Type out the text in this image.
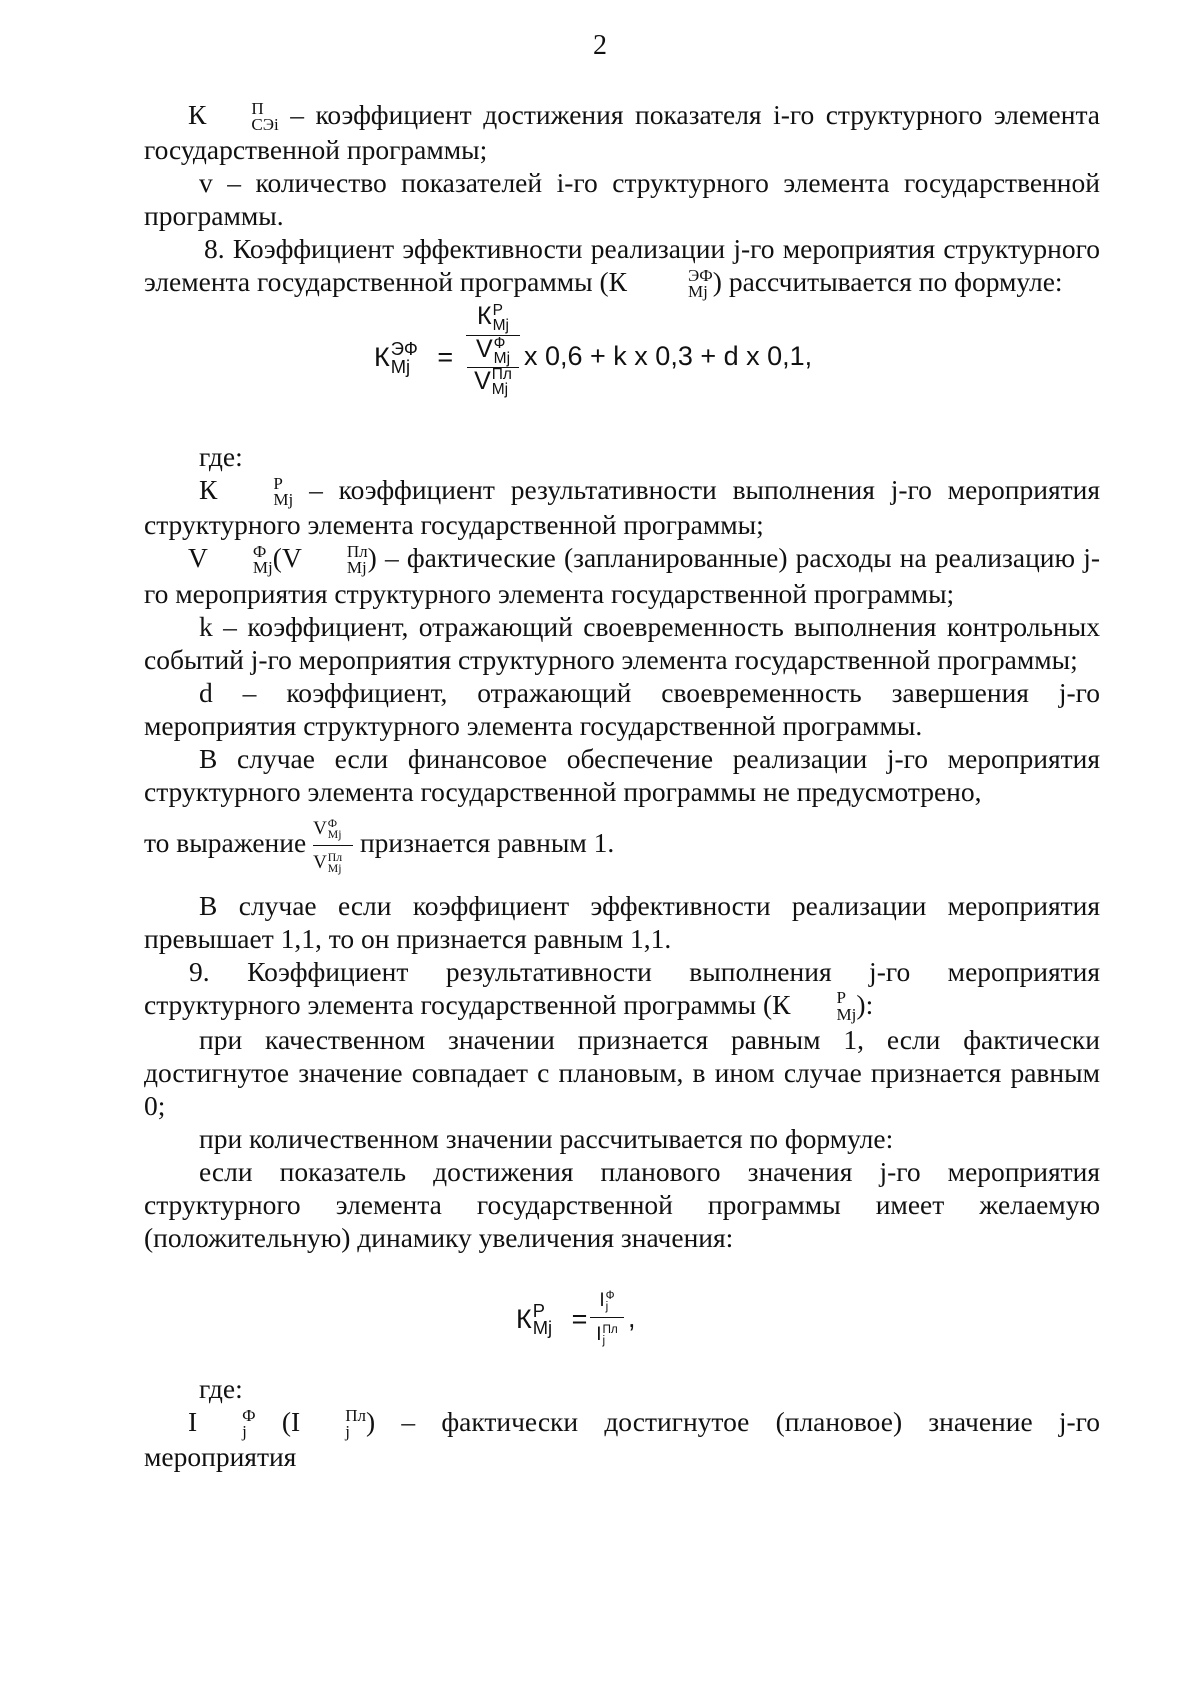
2

К	П
СЭi – коэффициент достижения показателя i-го структурного элемента государственной программы;

v – количество показателей i-го структурного элемента государственной программы.

8. Коэффициент эффективности реализации j-го мероприятия структурного элемента государственной программы (К	ЭФ
Mj ) рассчитывается по формуле:

К ЭФ
Mj =
К Р
Mj
V Ф
Mj
V Пл
Mj x 0,6 + k x 0,3 + d x 0,1,

где:

К	Р
Mj – коэффициент результативности выполнения j-го мероприятия структурного элемента государственной программы;

V	Ф
Mj (V	Пл
Mj ) – фактические (запланированные) расходы на реализацию j-го мероприятия структурного элемента государственной программы;

k – коэффициент, отражающий своевременность выполнения контрольных событий j-го мероприятия структурного элемента государственной программы;

d – коэффициент, отражающий своевременность завершения j-го мероприятия структурного элемента государственной программы.

В случае если финансовое обеспечение реализации j-го мероприятия структурного элемента государственной программы не предусмотрено,

то выражение V Ф
Mj
V Пл
Mj признается равным 1.

В случае если коэффициент эффективности реализации мероприятия превышает 1,1, то он признается равным 1,1.

9. Коэффициент результативности выполнения j-го мероприятия структурного элемента государственной программы (К	Р
Mj ):

при качественном значении признается равным 1, если фактически достигнутое значение совпадает с плановым, в ином случае признается равным 0;

при количественном значении рассчитывается по формуле:

если показатель достижения планового значения j-го мероприятия структурного элемента государственной программы имеет желаемую (положительную) динамику увеличения значения:

К Р
Mj =
I Ф
j
I Пл
j
,

где:

I	Ф
j	(I	Пл
j ) – фактически достигнутое (плановое) значение j-го мероприятия
